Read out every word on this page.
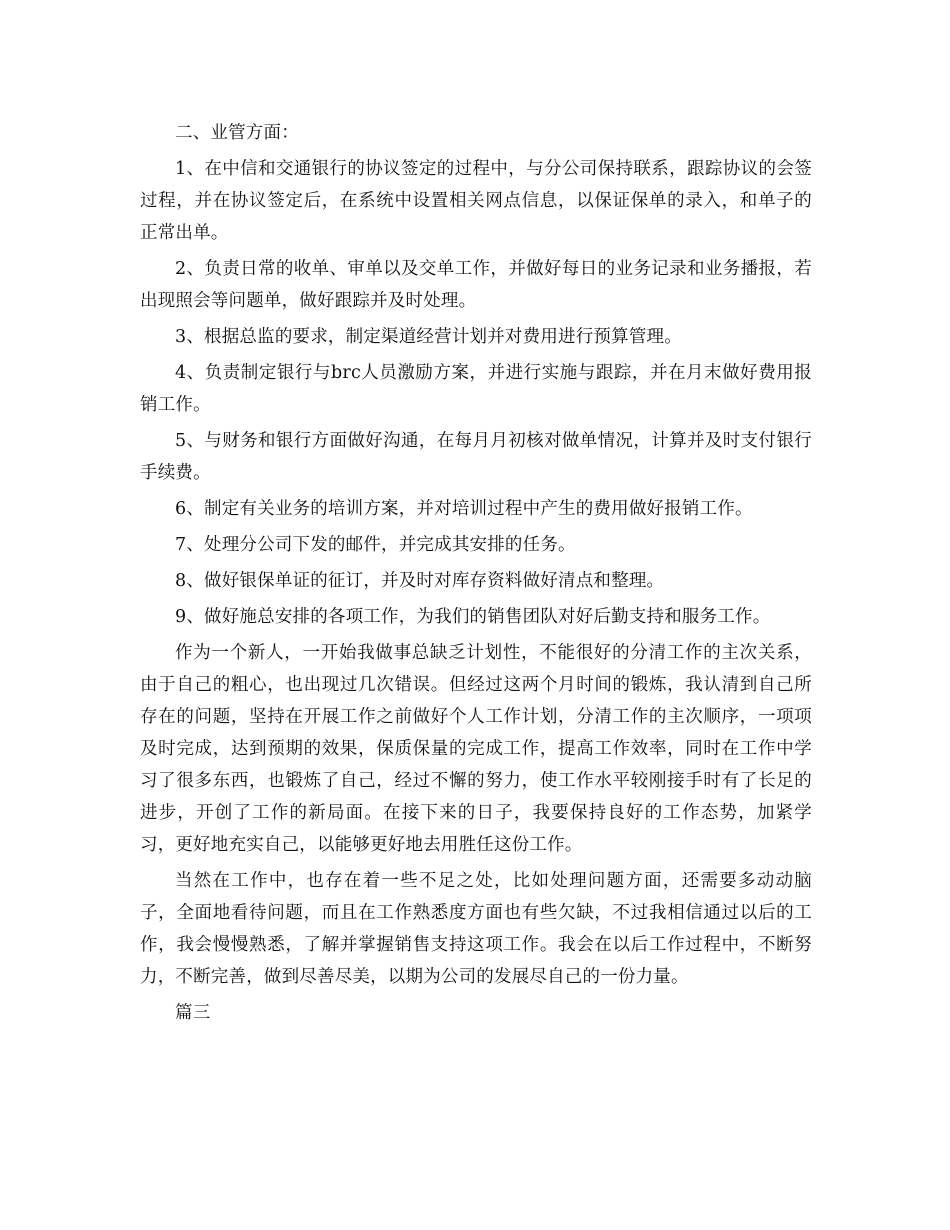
二、业管方面：

1、在中信和交通银行的协议签定的过程中，与分公司保持联系，跟踪协议的会签过程，并在协议签定后，在系统中设置相关网点信息，以保证保单的录入，和单子的正常出单。

2、负责日常的收单、审单以及交单工作，并做好每日的业务记录和业务播报，若出现照会等问题单，做好跟踪并及时处理。

3、根据总监的要求，制定渠道经营计划并对费用进行预算管理。

4、负责制定银行与brc人员激励方案，并进行实施与跟踪，并在月末做好费用报销工作。

5、与财务和银行方面做好沟通，在每月月初核对做单情况，计算并及时支付银行手续费。

6、制定有关业务的培训方案，并对培训过程中产生的费用做好报销工作。

7、处理分公司下发的邮件，并完成其安排的任务。

8、做好银保单证的征订，并及时对库存资料做好清点和整理。

9、做好施总安排的各项工作，为我们的销售团队对好后勤支持和服务工作。

作为一个新人，一开始我做事总缺乏计划性，不能很好的分清工作的主次关系，由于自己的粗心，也出现过几次错误。但经过这两个月时间的锻炼，我认清到自己所存在的问题，坚持在开展工作之前做好个人工作计划，分清工作的主次顺序，一项项及时完成，达到预期的效果，保质保量的完成工作，提高工作效率，同时在工作中学习了很多东西，也锻炼了自己，经过不懈的努力，使工作水平较刚接手时有了长足的进步，开创了工作的新局面。在接下来的日子，我要保持良好的工作态势，加紧学习，更好地充实自己，以能够更好地去用胜任这份工作。

当然在工作中，也存在着一些不足之处，比如处理问题方面，还需要多动动脑子，全面地看待问题，而且在工作熟悉度方面也有些欠缺，不过我相信通过以后的工作，我会慢慢熟悉，了解并掌握销售支持这项工作。我会在以后工作过程中，不断努力，不断完善，做到尽善尽美，以期为公司的发展尽自己的一份力量。

篇三
